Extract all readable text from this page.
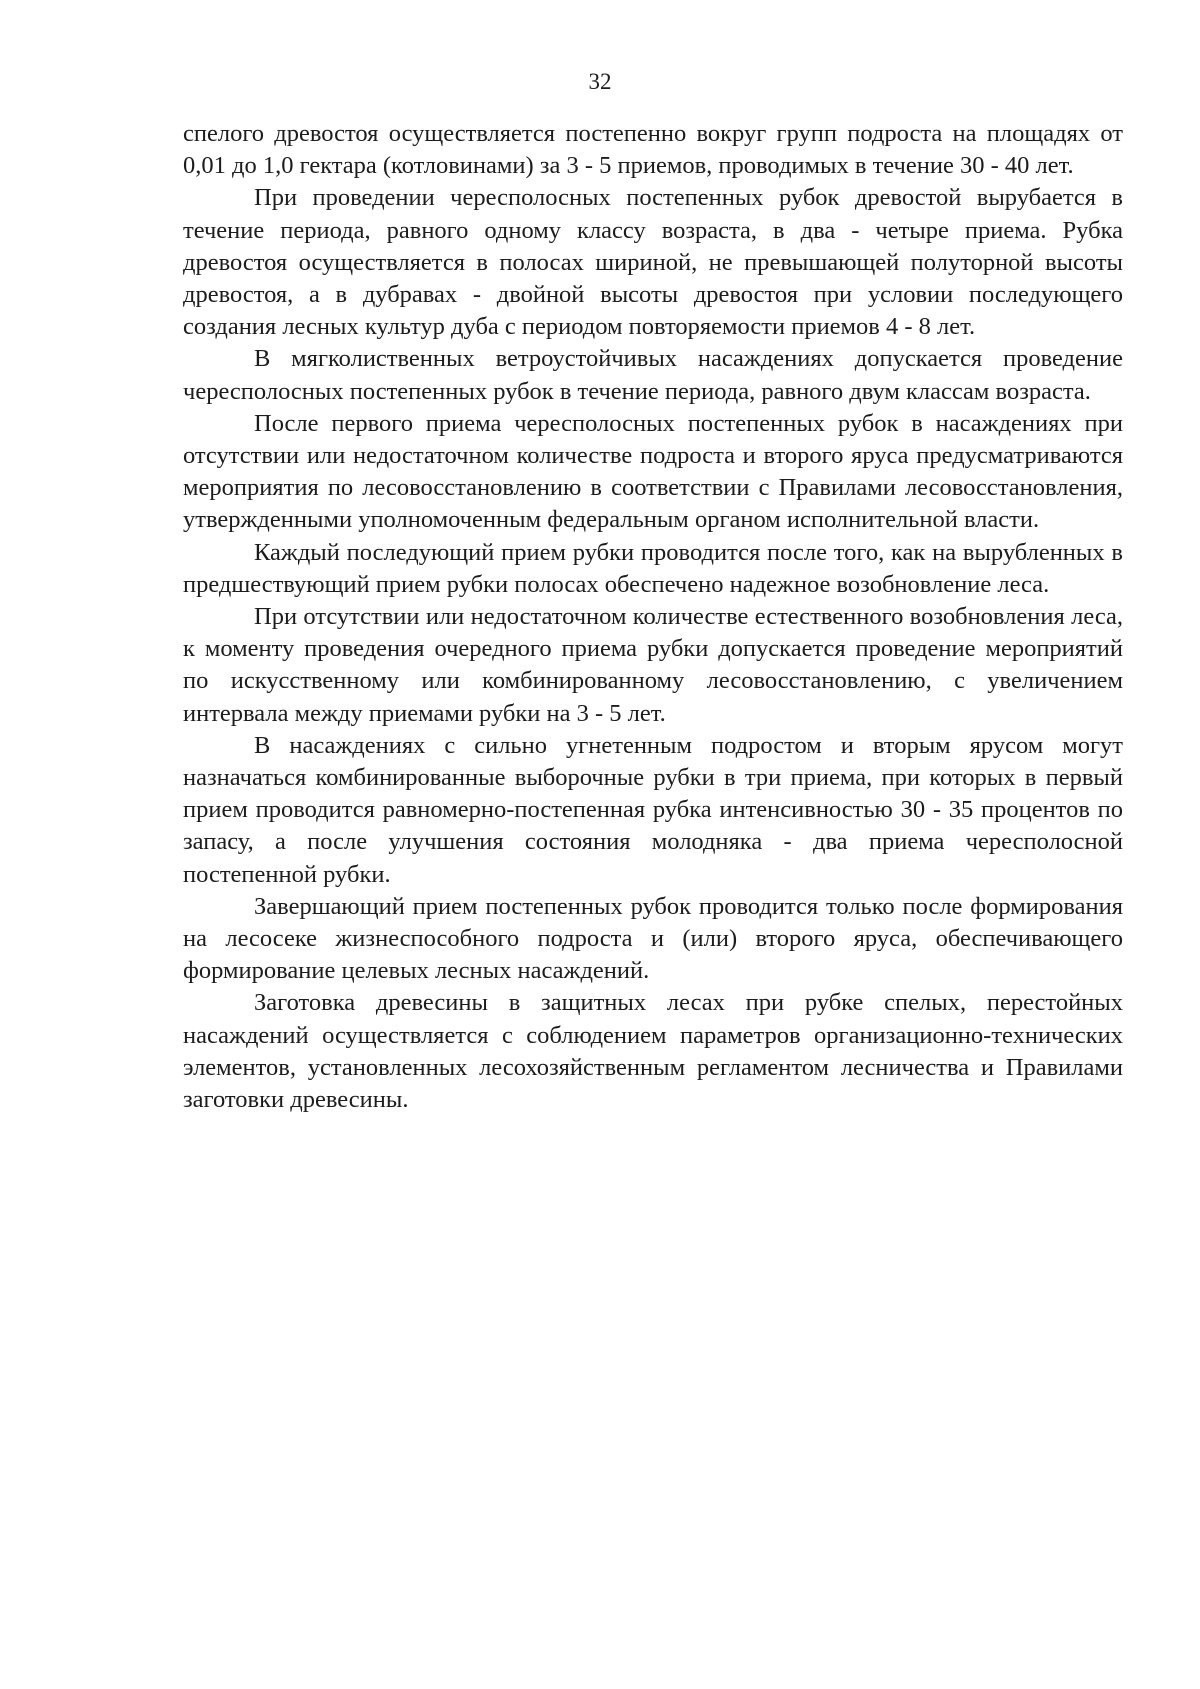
32

спелого древостоя осуществляется постепенно вокруг групп подроста на площадях от 0,01 до 1,0 гектара (котловинами) за 3 - 5 приемов, проводимых в течение 30 - 40 лет.

При проведении чересполосных постепенных рубок древостой вырубается в течение периода, равного одному классу возраста, в два - четыре приема. Рубка древостоя осуществляется в полосах шириной, не превышающей полуторной высоты древостоя, а в дубравах - двойной высоты древостоя при условии последующего создания лесных культур дуба с периодом повторяемости приемов 4 - 8 лет.

В мягколиственных ветроустойчивых насаждениях допускается проведение чересполосных постепенных рубок в течение периода, равного двум классам возраста.

После первого приема чересполосных постепенных рубок в насаждениях при отсутствии или недостаточном количестве подроста и второго яруса предусматриваются мероприятия по лесовосстановлению в соответствии с Правилами лесовосстановления, утвержденными уполномоченным федеральным органом исполнительной власти.

Каждый последующий прием рубки проводится после того, как на вырубленных в предшествующий прием рубки полосах обеспечено надежное возобновление леса.

При отсутствии или недостаточном количестве естественного возобновления леса, к моменту проведения очередного приема рубки допускается проведение мероприятий по искусственному или комбинированному лесовосстановлению, с увеличением интервала между приемами рубки на 3 - 5 лет.

В насаждениях с сильно угнетенным подростом и вторым ярусом могут назначаться комбинированные выборочные рубки в три приема, при которых в первый прием проводится равномерно-постепенная рубка интенсивностью 30 - 35 процентов по запасу, а после улучшения состояния молодняка - два приема чересполосной постепенной рубки.

Завершающий прием постепенных рубок проводится только после формирования на лесосеке жизнеспособного подроста и (или) второго яруса, обеспечивающего формирование целевых лесных насаждений.

Заготовка древесины в защитных лесах при рубке спелых, перестойных насаждений осуществляется с соблюдением параметров организационно-технических элементов, установленных лесохозяйственным регламентом лесничества и Правилами заготовки древесины.
